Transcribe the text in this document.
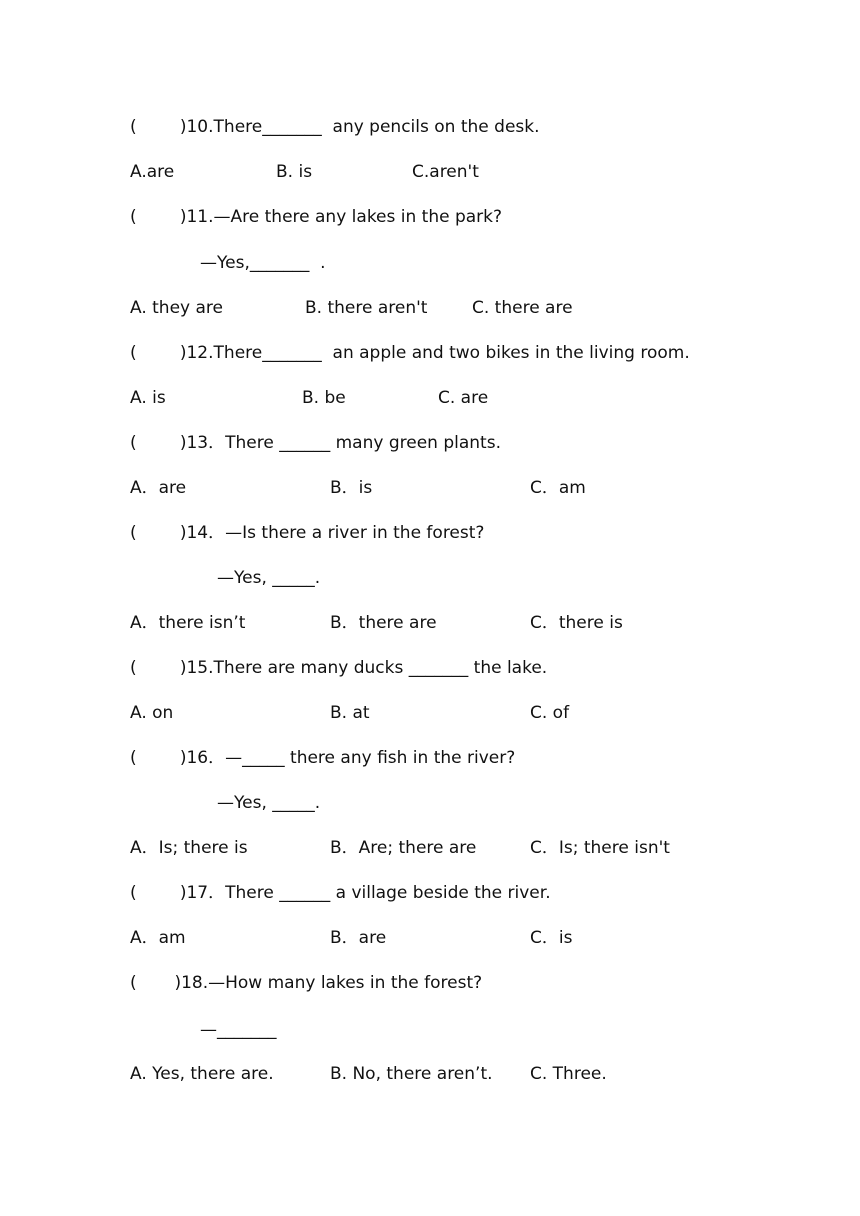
(        )10.There_______  any pencils on the desk.
A.are	B. is	C.aren't
(        )11.—Are there any lakes in the park?
—Yes,_______  .
A. they are	B. there aren't	C. there are
(        )12.There_______  an apple and two bikes in the living room.
A. is	B. be	C. are
(        )13．There ______ many green plants.
A．are	B．is	C．am
(        )14．—Is there a river in the forest?
—Yes, _____.
A．there isn’t	B．there are	C．there is
(        )15.There are many ducks _______ the lake.
A. on	B. at	C. of
(        )16．—_____ there any fish in the river?
—Yes, _____.
A．Is; there is	B．Are; there are	C．Is; there isn't
(        )17．There ______ a village beside the river.
A．am	B．are	C．is
(       )18.—How many lakes in the forest?
—_______
A. Yes, there are.	B. No, there aren’t. C. Three.
